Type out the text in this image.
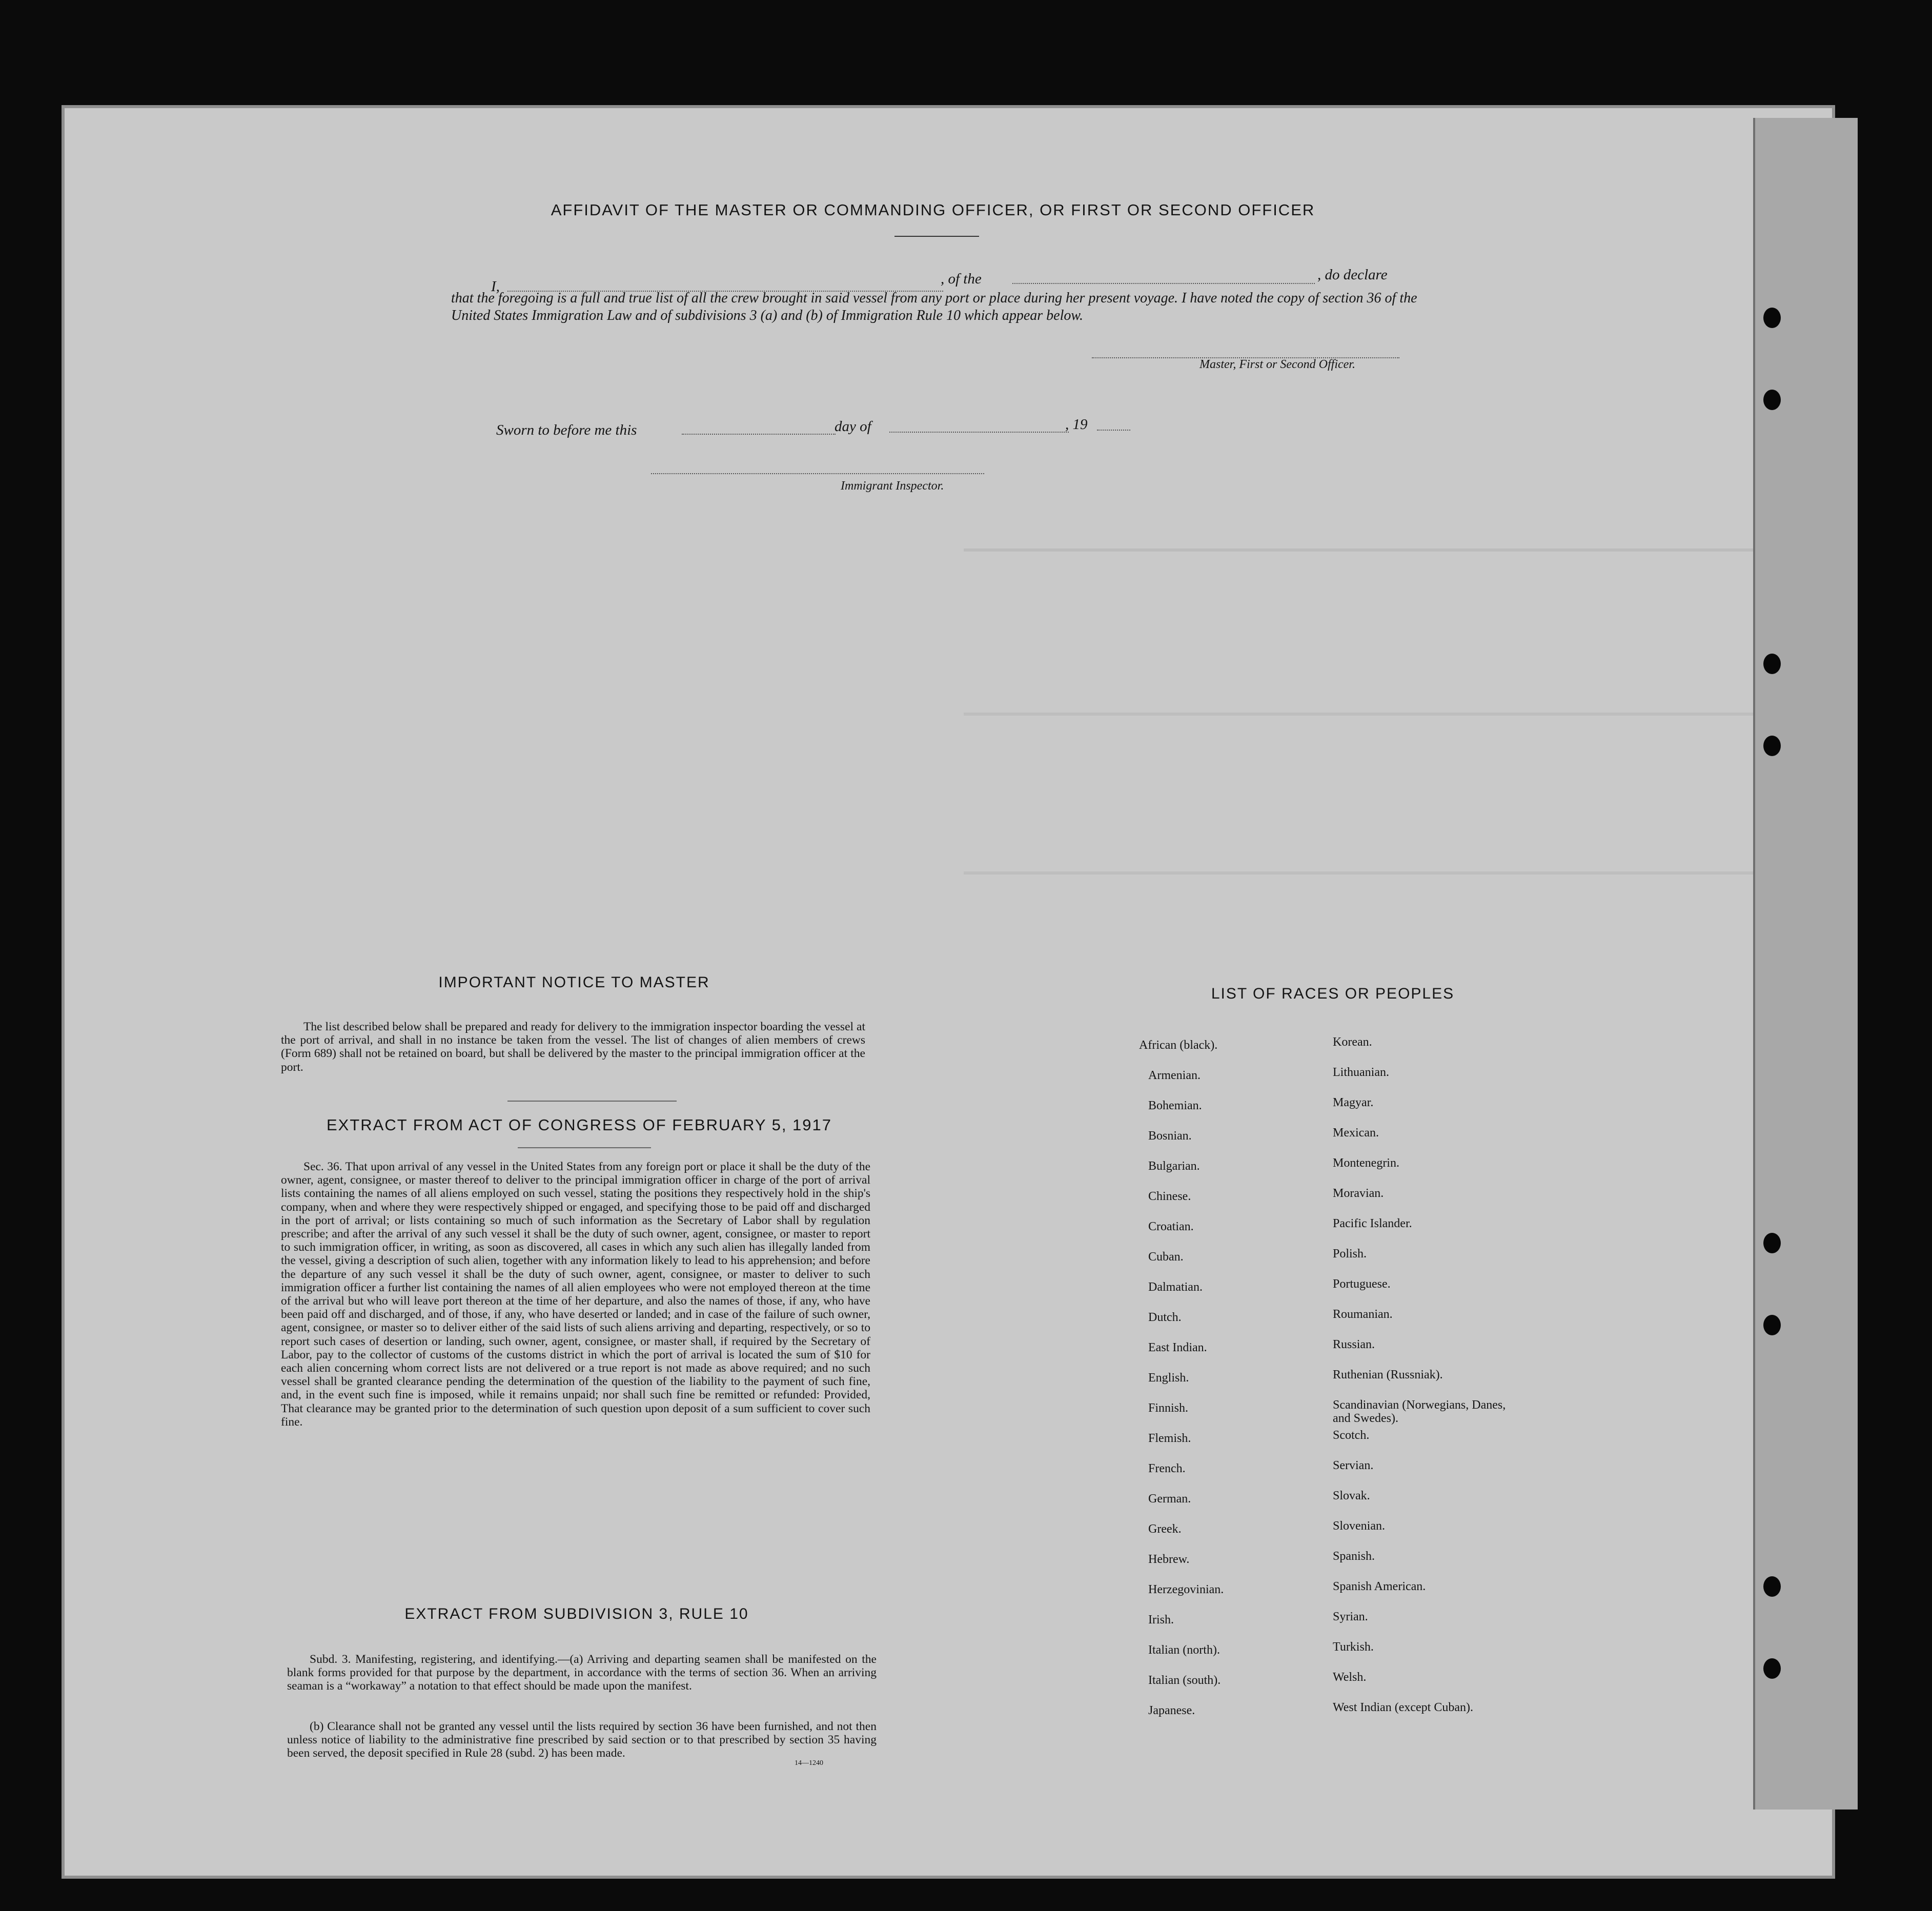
AFFIDAVIT OF THE MASTER OR COMMANDING OFFICER, OR FIRST OR SECOND OFFICER
I,	, of the	, do declare
that the foregoing is a full and true list of all the crew brought in said vessel from any port or place during her present voyage. I have noted the copy of section 36 of the United States Immigration Law and of subdivisions 3 (a) and (b) of Immigration Rule 10 which appear below.
Master, First or Second Officer.
Sworn to before me this	day of	, 19
Immigrant Inspector.
IMPORTANT NOTICE TO MASTER
The list described below shall be prepared and ready for delivery to the immigration inspector boarding the vessel at the port of arrival, and shall in no instance be taken from the vessel. The list of changes of alien members of crews (Form 689) shall not be retained on board, but shall be delivered by the master to the principal immigration officer at the port.
EXTRACT FROM ACT OF CONGRESS OF FEBRUARY 5, 1917
Sec. 36. That upon arrival of any vessel in the United States from any foreign port or place it shall be the duty of the owner, agent, consignee, or master thereof to deliver to the principal immigration officer in charge of the port of arrival lists containing the names of all aliens employed on such vessel, stating the positions they respectively hold in the ship's company, when and where they were respectively shipped or engaged, and specifying those to be paid off and discharged in the port of arrival; or lists containing so much of such information as the Secretary of Labor shall by regulation prescribe; and after the arrival of any such vessel it shall be the duty of such owner, agent, consignee, or master to report to such immigration officer, in writing, as soon as discovered, all cases in which any such alien has illegally landed from the vessel, giving a description of such alien, together with any information likely to lead to his apprehension; and before the departure of any such vessel it shall be the duty of such owner, agent, consignee, or master to deliver to such immigration officer a further list containing the names of all alien employees who were not employed thereon at the time of the arrival but who will leave port thereon at the time of her departure, and also the names of those, if any, who have been paid off and discharged, and of those, if any, who have deserted or landed; and in case of the failure of such owner, agent, consignee, or master so to deliver either of the said lists of such aliens arriving and departing, respectively, or so to report such cases of desertion or landing, such owner, agent, consignee, or master shall, if required by the Secretary of Labor, pay to the collector of customs of the customs district in which the port of arrival is located the sum of $10 for each alien concerning whom correct lists are not delivered or a true report is not made as above required; and no such vessel shall be granted clearance pending the determination of the question of the liability to the payment of such fine, and, in the event such fine is imposed, while it remains unpaid; nor shall such fine be remitted or refunded: Provided, That clearance may be granted prior to the determination of such question upon deposit of a sum sufficient to cover such fine.
EXTRACT FROM SUBDIVISION 3, RULE 10
Subd. 3. Manifesting, registering, and identifying.—(a) Arriving and departing seamen shall be manifested on the blank forms provided for that purpose by the department, in accordance with the terms of section 36. When an arriving seaman is a “workaway” a notation to that effect should be made upon the manifest.
(b) Clearance shall not be granted any vessel until the lists required by section 36 have been furnished, and not then unless notice of liability to the administrative fine prescribed by said section or to that prescribed by section 35 having been served, the deposit specified in Rule 28 (subd. 2) has been made.
14—1240
LIST OF RACES OR PEOPLES
African (black).
Armenian.
Bohemian.
Bosnian.
Bulgarian.
Chinese.
Croatian.
Cuban.
Dalmatian.
Dutch.
East Indian.
English.
Finnish.
Flemish.
French.
German.
Greek.
Hebrew.
Herzegovinian.
Irish.
Italian (north).
Italian (south).
Japanese.
Korean.
Lithuanian.
Magyar.
Mexican.
Montenegrin.
Moravian.
Pacific Islander.
Polish.
Portuguese.
Roumanian.
Russian.
Ruthenian (Russniak).
Scandinavian (Norwegians, Danes, and Swedes).
Scotch.
Servian.
Slovak.
Slovenian.
Spanish.
Spanish American.
Syrian.
Turkish.
Welsh.
West Indian (except Cuban).
